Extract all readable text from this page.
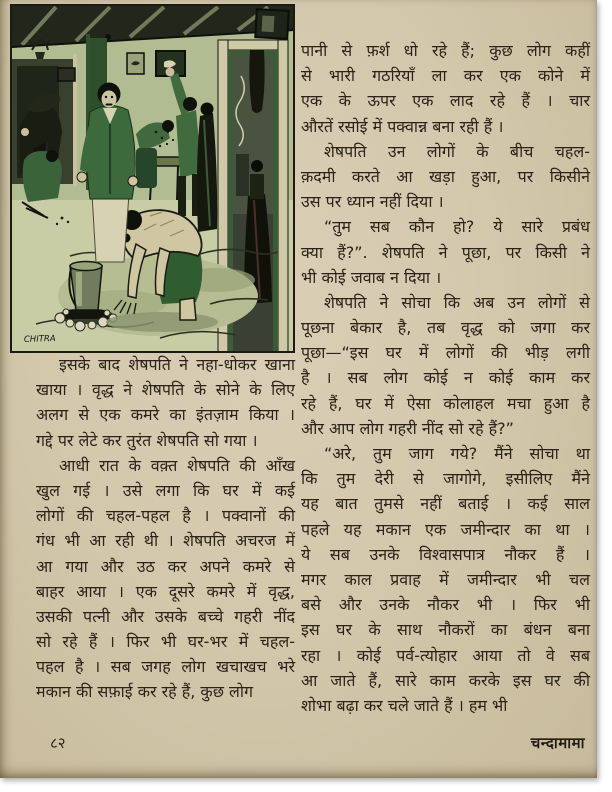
CHITRA
इसके बाद शेषपति ने नहा-धोकर खाना
खाया । वृद्ध ने शेषपति के सोने के लिए
अलग से एक कमरे का इंतज़ाम किया ।
गद्दे पर लेटे कर तुरंत शेषपति सो गया ।
आधी रात के वक़्त शेषपति की आँख
खुल गई । उसे लगा कि घर में कई
लोगों की चहल-पहल है । पक्वानों की
गंध भी आ रही थी । शेषपति अचरज में
आ गया और उठ कर अपने कमरे से
बाहर आया । एक दूसरे कमरे में वृद्ध,
उसकी पत्नी और उसके बच्चे गहरी नींद
सो रहे हैं । फिर भी घर-भर में चहल-
पहल है । सब जगह लोग खचाखच भरे
मकान की सफ़ाई कर रहे हैं, कुछ लोग
पानी से फ़र्श धो रहे हैं; कुछ लोग कहीं
से भारी गठरियाँ ला कर एक कोने में
एक के ऊपर एक लाद रहे हैं । चार
औरतें रसोई में पक्वान्न बना रही हैं ।
शेषपति उन लोगों के बीच चहल-
क़दमी करते आ खड़ा हुआ, पर किसीने
उस पर ध्यान नहीं दिया ।
“तुम सब कौन हो? ये सारे प्रबंध
क्या हैं?”. शेषपति ने पूछा, पर किसी ने
भी कोई जवाब न दिया ।
शेषपति ने सोचा कि अब उन लोगों से
पूछना बेकार है, तब वृद्ध को जगा कर
पूछा—“इस घर में लोगों की भीड़ लगी
है । सब लोग कोई न कोई काम कर
रहे हैं, घर में ऐसा कोलाहल मचा हुआ है
और आप लोग गहरी नींद सो रहे हैं?”
“अरे, तुम जाग गये? मैंने सोचा था
कि तुम देरी से जागोगे, इसीलिए मैंने
यह बात तुमसे नहीं बताई । कई साल
पहले यह मकान एक जमीन्दार का था ।
ये सब उनके विश्वासपात्र नौकर हैं ।
मगर काल प्रवाह में जमीन्दार भी चल
बसे और उनके नौकर भी । फिर भी
इस घर के साथ नौकरों का बंधन बना
रहा । कोई पर्व-त्योहार आया तो वे सब
आ जाते हैं, सारे काम करके इस घर की
शोभा बढ़ा कर चले जाते हैं । हम भी
८२	चन्दामामा
